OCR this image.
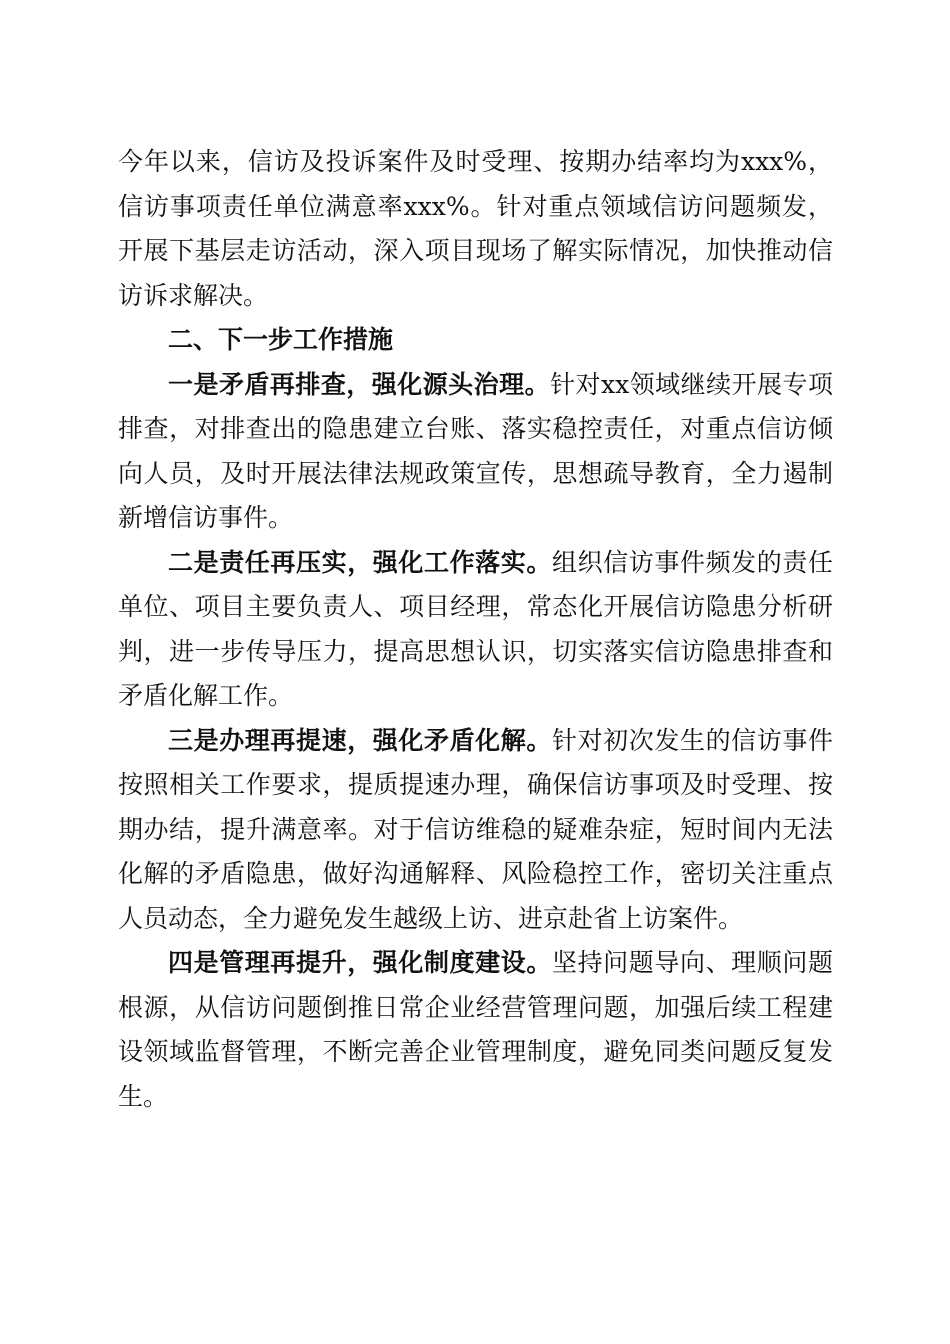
今年以来，信访及投诉案件及时受理、按期办结率均为xxx%，信访事项责任单位满意率xxx%。针对重点领域信访问题频发，开展下基层走访活动，深入项目现场了解实际情况，加快推动信访诉求解决。

二、下一步工作措施

一是矛盾再排查，强化源头治理。针对xx领域继续开展专项排查，对排查出的隐患建立台账、落实稳控责任，对重点信访倾向人员，及时开展法律法规政策宣传，思想疏导教育，全力遏制新增信访事件。

二是责任再压实，强化工作落实。组织信访事件频发的责任单位、项目主要负责人、项目经理，常态化开展信访隐患分析研判，进一步传导压力，提高思想认识，切实落实信访隐患排查和矛盾化解工作。

三是办理再提速，强化矛盾化解。针对初次发生的信访事件按照相关工作要求，提质提速办理，确保信访事项及时受理、按期办结，提升满意率。对于信访维稳的疑难杂症，短时间内无法化解的矛盾隐患，做好沟通解释、风险稳控工作，密切关注重点人员动态，全力避免发生越级上访、进京赴省上访案件。

四是管理再提升，强化制度建设。坚持问题导向、理顺问题根源，从信访问题倒推日常企业经营管理问题，加强后续工程建设领域监督管理，不断完善企业管理制度，避免同类问题反复发生。
